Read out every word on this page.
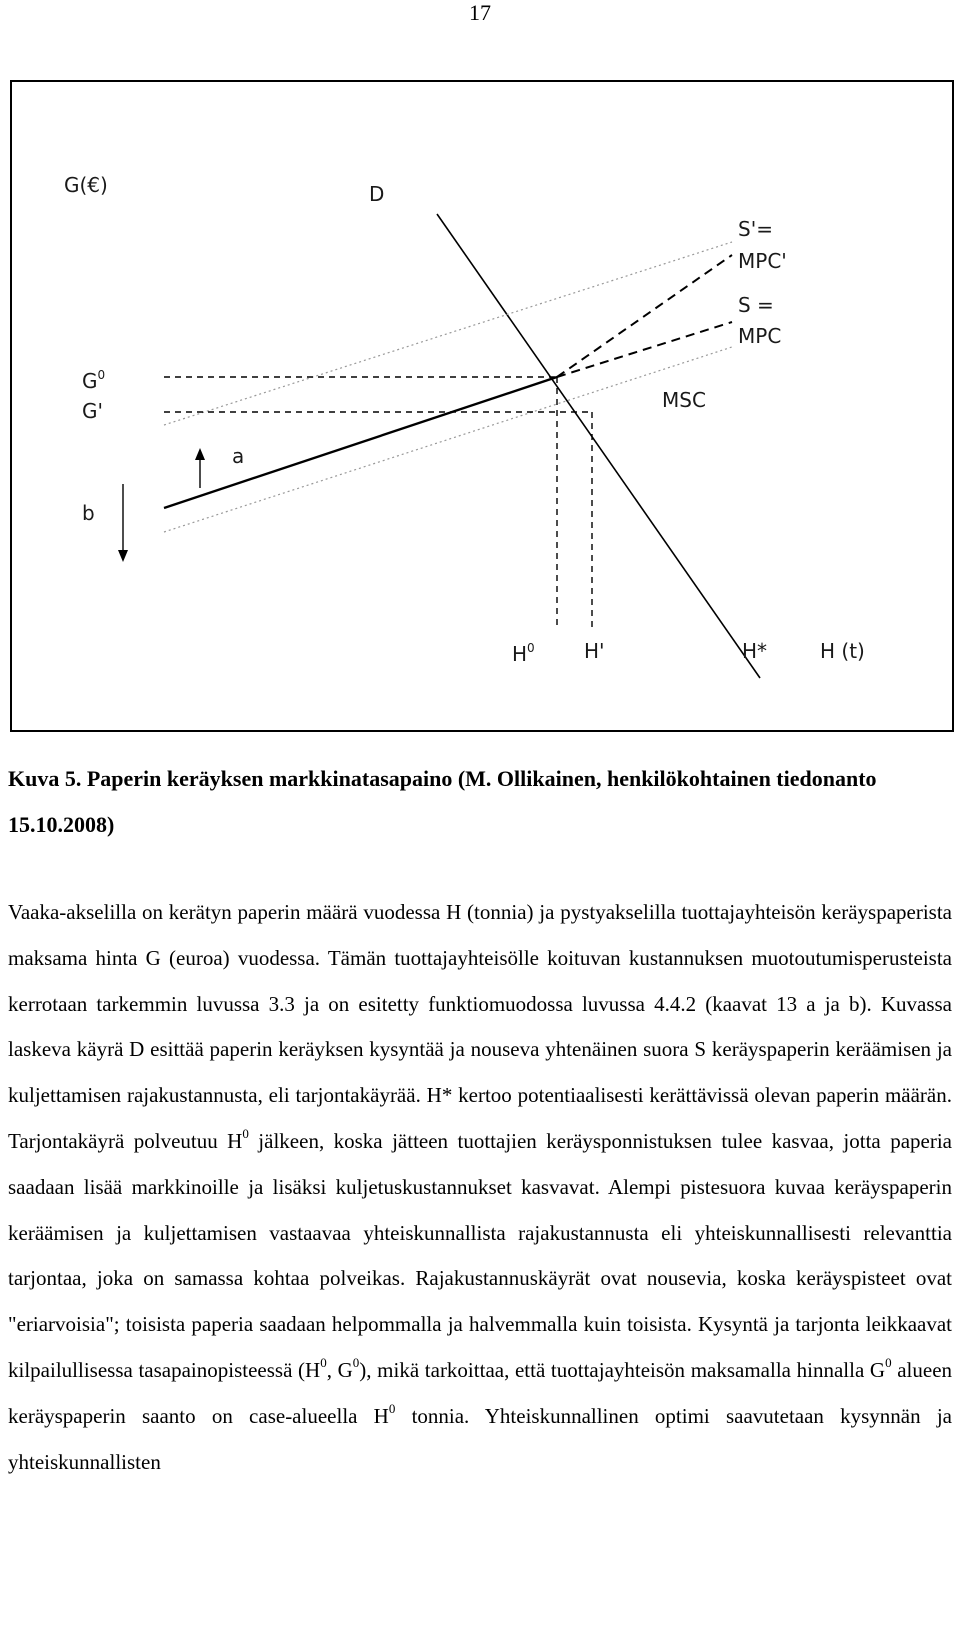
17
G(€)	D
S'=
MPC'
S =
MPC
MSC
$G^0$
G'
a
b
$H^0$ H'	H*	H (t)
Kuva 5. Paperin keräyksen markkinatasapaino (M. Ollikainen, henkilökohtainen tiedonanto 15.10.2008)

Vaaka-akselilla on kerätyn paperin määrä vuodessa H (tonnia) ja pystyakselilla tuottajayhteisön keräyspaperista maksama hinta G (euroa) vuodessa. Tämän tuottajayhteisölle koituvan kustannuksen muotoutumisperusteista kerrotaan tarkemmin luvussa 3.3 ja on esitetty funktiomuodossa luvussa 4.4.2 (kaavat 13 a ja b). Kuvassa laskeva käyrä D esittää paperin keräyksen kysyntää ja nouseva yhtenäinen suora S keräyspaperin keräämisen ja kuljettamisen rajakustannusta, eli tarjontakäyrää. H* kertoo potentiaalisesti kerättävissä olevan paperin määrän. Tarjontakäyrä polveutuu $H^0$ jälkeen, koska jätteen tuottajien keräysponnistuksen tulee kasvaa, jotta paperia saadaan lisää markkinoille ja lisäksi kuljetuskustannukset kasvavat. Alempi pistesuora kuvaa keräyspaperin keräämisen ja kuljettamisen vastaavaa yhteiskunnallista rajakustannusta eli yhteiskunnallisesti relevanttia tarjontaa, joka on samassa kohtaa polveikas. Rajakustannuskäyrät ovat nousevia, koska keräyspisteet ovat "eriarvoisia"; toisista paperia saadaan helpommalla ja halvemmalla kuin toisista. Kysyntä ja tarjonta leikkaavat kilpailullisessa tasapainopisteessä ($H^0$, $G^0$), mikä tarkoittaa, että tuottajayhteisön maksamalla hinnalla $G^0$ alueen keräyspaperin saanto on case-alueella $H^0$ tonnia. Yhteiskunnallinen optimi saavutetaan kysynnän ja yhteiskunnallisten
